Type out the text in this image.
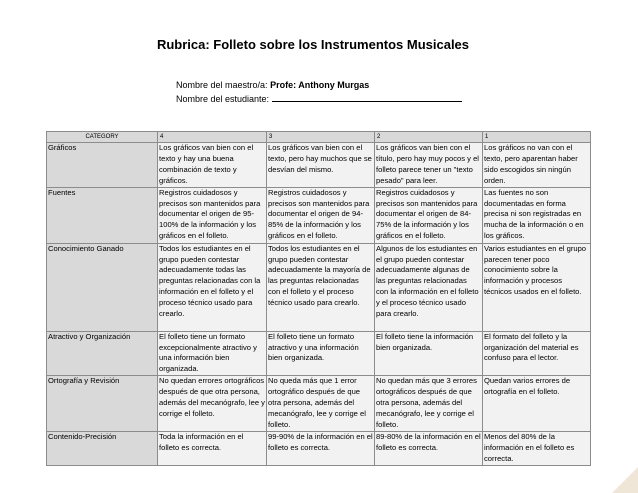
Rubrica: Folleto sobre los Instrumentos Musicales
Nombre del maestro/a: Profe: Anthony Murgas
Nombre del estudiante:
CATEGORY	4	3	2	1
Gráficos	Los gráficos van bien con el texto y hay una buena combinación de texto y gráficos.	Los gráficos van bien con el texto, pero hay muchos que se desvían del mismo.	Los gráficos van bien con el título, pero hay muy pocos y el folleto parece tener un "texto pesado" para leer.	Los gráficos no van con el texto, pero aparentan haber sido escogidos sin ningún orden.
Fuentes	Registros cuidadosos y precisos son mantenidos para documentar el origen de 95-100% de la información y los gráficos en el folleto.	Registros cuidadosos y precisos son mantenidos para documentar el origen de 94-85% de la información y los gráficos en el folleto.	Registros cuidadosos y precisos son mantenidos para documentar el origen de 84-75% de la información y los gráficos en el folleto.	Las fuentes no son documentadas en forma precisa ni son registradas en mucha de la información o en los gráficos.
Conocimiento Ganado	Todos los estudiantes en el grupo pueden contestar adecuadamente todas las preguntas relacionadas con la información en el folleto y el proceso técnico usado para crearlo.	Todos los estudiantes en el grupo pueden contestar adecuadamente la mayoría de las preguntas relacionadas con el folleto y el proceso técnico usado para crearlo.	Algunos de los estudiantes en el grupo pueden contestar adecuadamente algunas de las preguntas relacionadas con la información en el folleto y el proceso técnico usado para crearlo.	Varios estudiantes en el grupo parecen tener poco conocimiento sobre la información y procesos técnicos usados en el folleto.
Atractivo y Organización	El folleto tiene un formato excepcionalmente atractivo y una información bien organizada.	El folleto tiene un formato atractivo y una información bien organizada.	El folleto tiene la información bien organizada.	El formato del folleto y la organización del material es confuso para el lector.
Ortografía y Revisión	No quedan errores ortográficos después de que otra persona, además del mecanógrafo, lee y corrige el folleto.	No queda más que 1 error ortográfico después de que otra persona, además del mecanógrafo, lee y corrige el folleto.	No quedan más que 3 errores ortográficos después de que otra persona, además del mecanógrafo, lee y corrige el folleto.	Quedan varios errores de ortografía en el folleto.
Contenido-Precisión	Toda la información en el folleto es correcta.	99-90% de la información en el folleto es correcta.	89-80% de la información en el folleto es correcta.	Menos del 80% de la información en el folleto es correcta.
